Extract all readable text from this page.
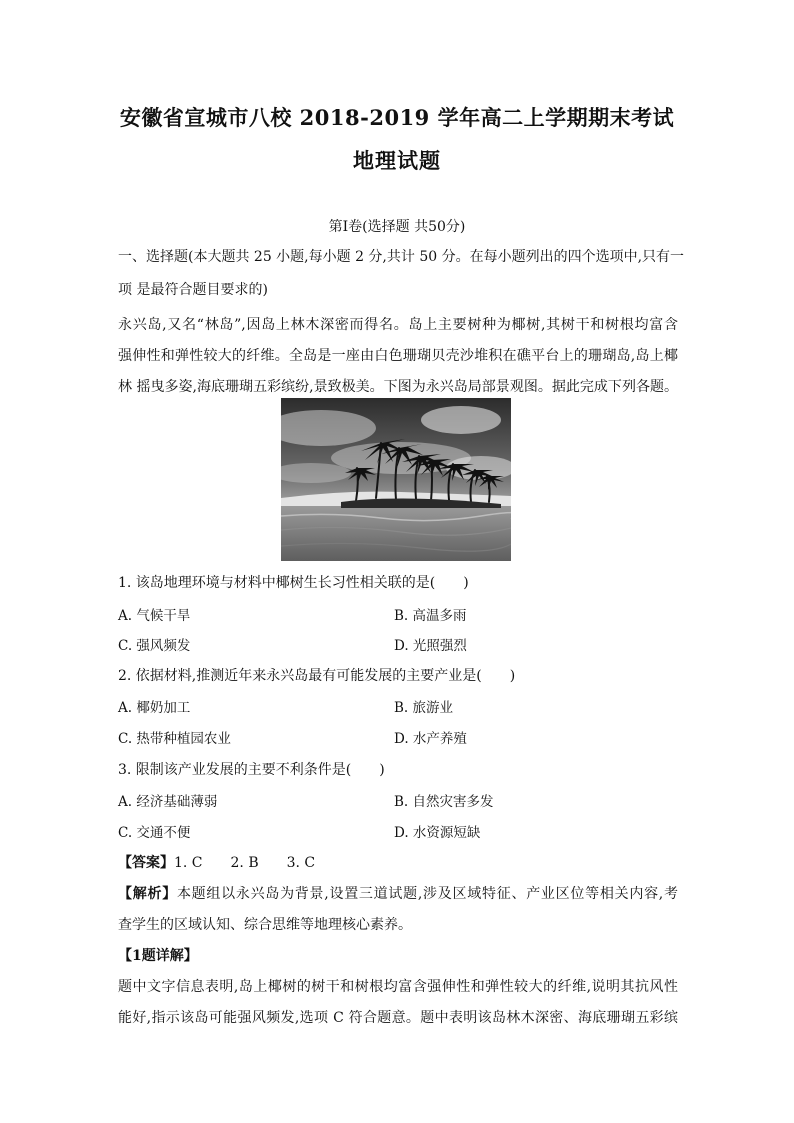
安徽省宣城市八校 2018-2019 学年高二上学期期末考试
地理试题
第Ⅰ卷(选择题 共50分)
一、选择题(本大题共 25 小题,每小题 2 分,共计 50 分。在每小题列出的四个选项中,只有一
项 是最符合题目要求的)
永兴岛,又名“林岛”,因岛上林木深密而得名。岛上主要树种为椰树,其树干和树根均富含
强伸性和弹性较大的纤维。全岛是一座由白色珊瑚贝壳沙堆积在礁平台上的珊瑚岛,岛上椰
林 摇曳多姿,海底珊瑚五彩缤纷,景致极美。下图为永兴岛局部景观图。据此完成下列各题。
1. 该岛地理环境与材料中椰树生长习性相关联的是(　　)
A. 气候干旱	B. 高温多雨
C. 强风频发	D. 光照强烈
2. 依据材料,推测近年来永兴岛最有可能发展的主要产业是(　　)
A. 椰奶加工	B. 旅游业
C. 热带种植园农业	D. 水产养殖
3. 限制该产业发展的主要不利条件是(　　)
A. 经济基础薄弱	B. 自然灾害多发
C. 交通不便	D. 水资源短缺
【答案】1. C　　2. B　　3. C
【解析】本题组以永兴岛为背景,设置三道试题,涉及区域特征、产业区位等相关内容,考
查学生的区域认知、综合思维等地理核心素养。
【1题详解】
题中文字信息表明,岛上椰树的树干和树根均富含强伸性和弹性较大的纤维,说明其抗风性
能好,指示该岛可能强风频发,选项 C 符合题意。题中表明该岛林木深密、海底珊瑚五彩缤
